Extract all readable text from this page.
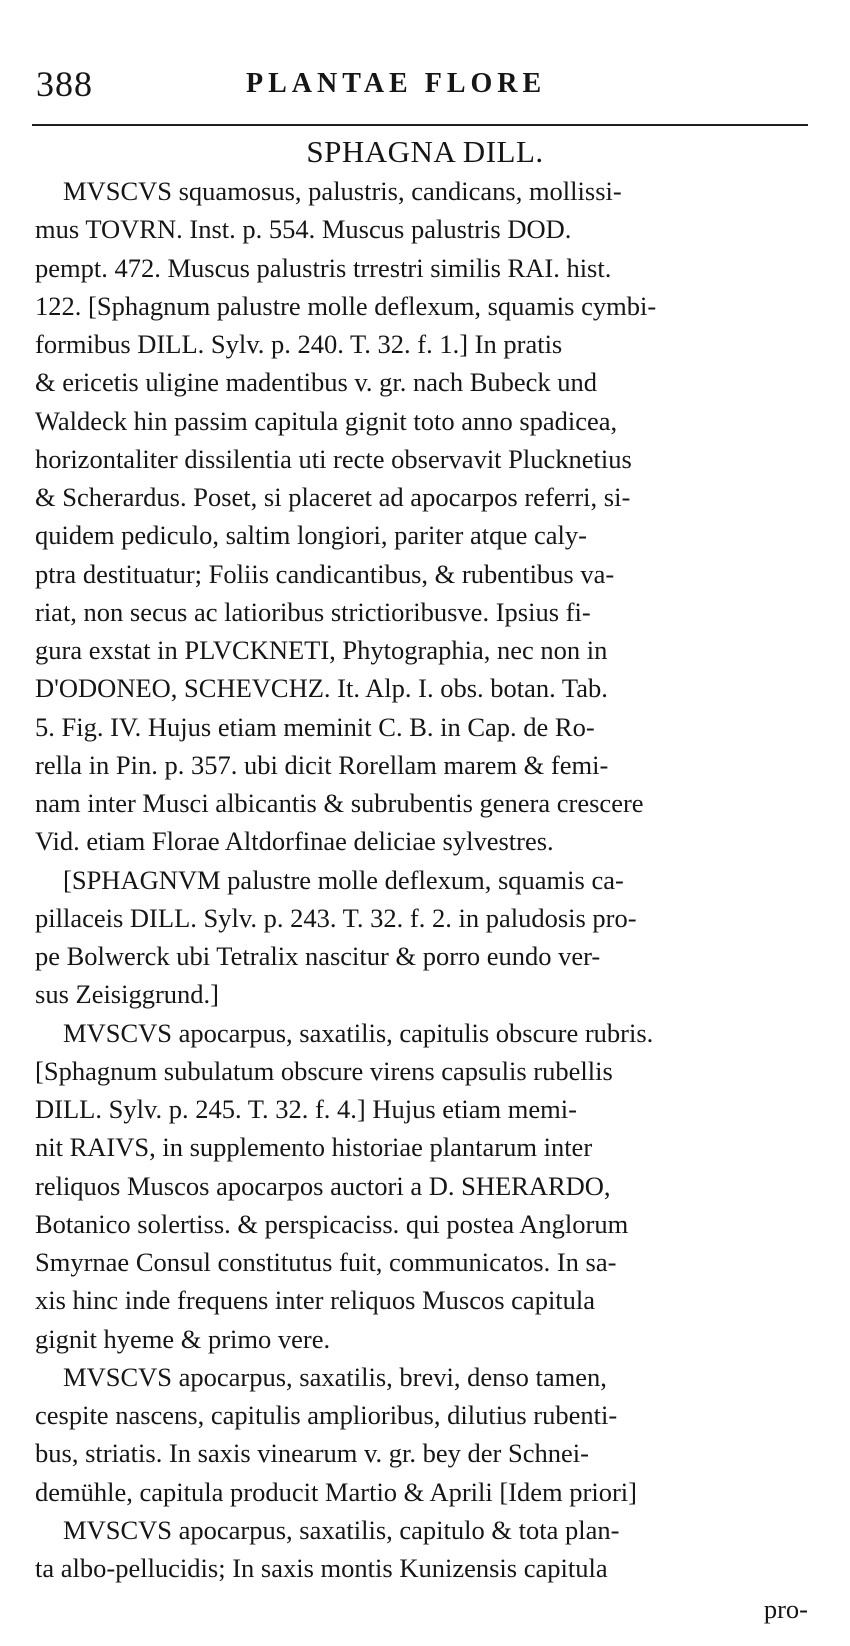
388	PLANTAE FLORE
SPHAGNA DILL.
MVSCVS squamosus, palustris, candicans, mollissi-
mus TOVRN. Inst. p. 554. Muscus palustris DOD.
pempt. 472. Muscus palustris trrestri similis RAI. hist.
122. [Sphagnum palustre molle deflexum, squamis cymbi-
formibus DILL. Sylv. p. 240. T. 32. f. 1.] In pratis
& ericetis uligine madentibus v. gr. nach Bubeck und
Waldeck hin passim capitula gignit toto anno spadicea,
horizontaliter dissilentia uti recte observavit Plucknetius
& Scherardus. Poset, si placeret ad apocarpos referri, si-
quidem pediculo, saltim longiori, pariter atque caly-
ptra destituatur; Foliis candicantibus, & rubentibus va-
riat, non secus ac latioribus strictioribusve. Ipsius fi-
gura exstat in PLVCKNETI, Phytographia, nec non in
D'ODONEO, SCHEVCHZ. It. Alp. I. obs. botan. Tab.
5. Fig. IV. Hujus etiam meminit C. B. in Cap. de Ro-
rella in Pin. p. 357. ubi dicit Rorellam marem & femi-
nam inter Musci albicantis & subrubentis genera crescere
Vid. etiam Florae Altdorfinae deliciae sylvestres.
[SPHAGNVM palustre molle deflexum, squamis ca-
pillaceis DILL. Sylv. p. 243. T. 32. f. 2. in paludosis pro-
pe Bolwerck ubi Tetralix nascitur & porro eundo ver-
sus Zeisiggrund.]
MVSCVS apocarpus, saxatilis, capitulis obscure rubris.
[Sphagnum subulatum obscure virens capsulis rubellis
DILL. Sylv. p. 245. T. 32. f. 4.] Hujus etiam memi-
nit RAIVS, in supplemento historiae plantarum inter
reliquos Muscos apocarpos auctori a D. SHERARDO,
Botanico solertiss. & perspicaciss. qui postea Anglorum
Smyrnae Consul constitutus fuit, communicatos. In sa-
xis hinc inde frequens inter reliquos Muscos capitula
gignit hyeme & primo vere.
MVSCVS apocarpus, saxatilis, brevi, denso tamen,
cespite nascens, capitulis amplioribus, dilutius rubenti-
bus, striatis. In saxis vinearum v. gr. bey der Schnei-
demühle, capitula producit Martio & Aprili [Idem priori]
MVSCVS apocarpus, saxatilis, capitulo & tota plan-
ta albo-pellucidis; In saxis montis Kunizensis capitula
pro-
